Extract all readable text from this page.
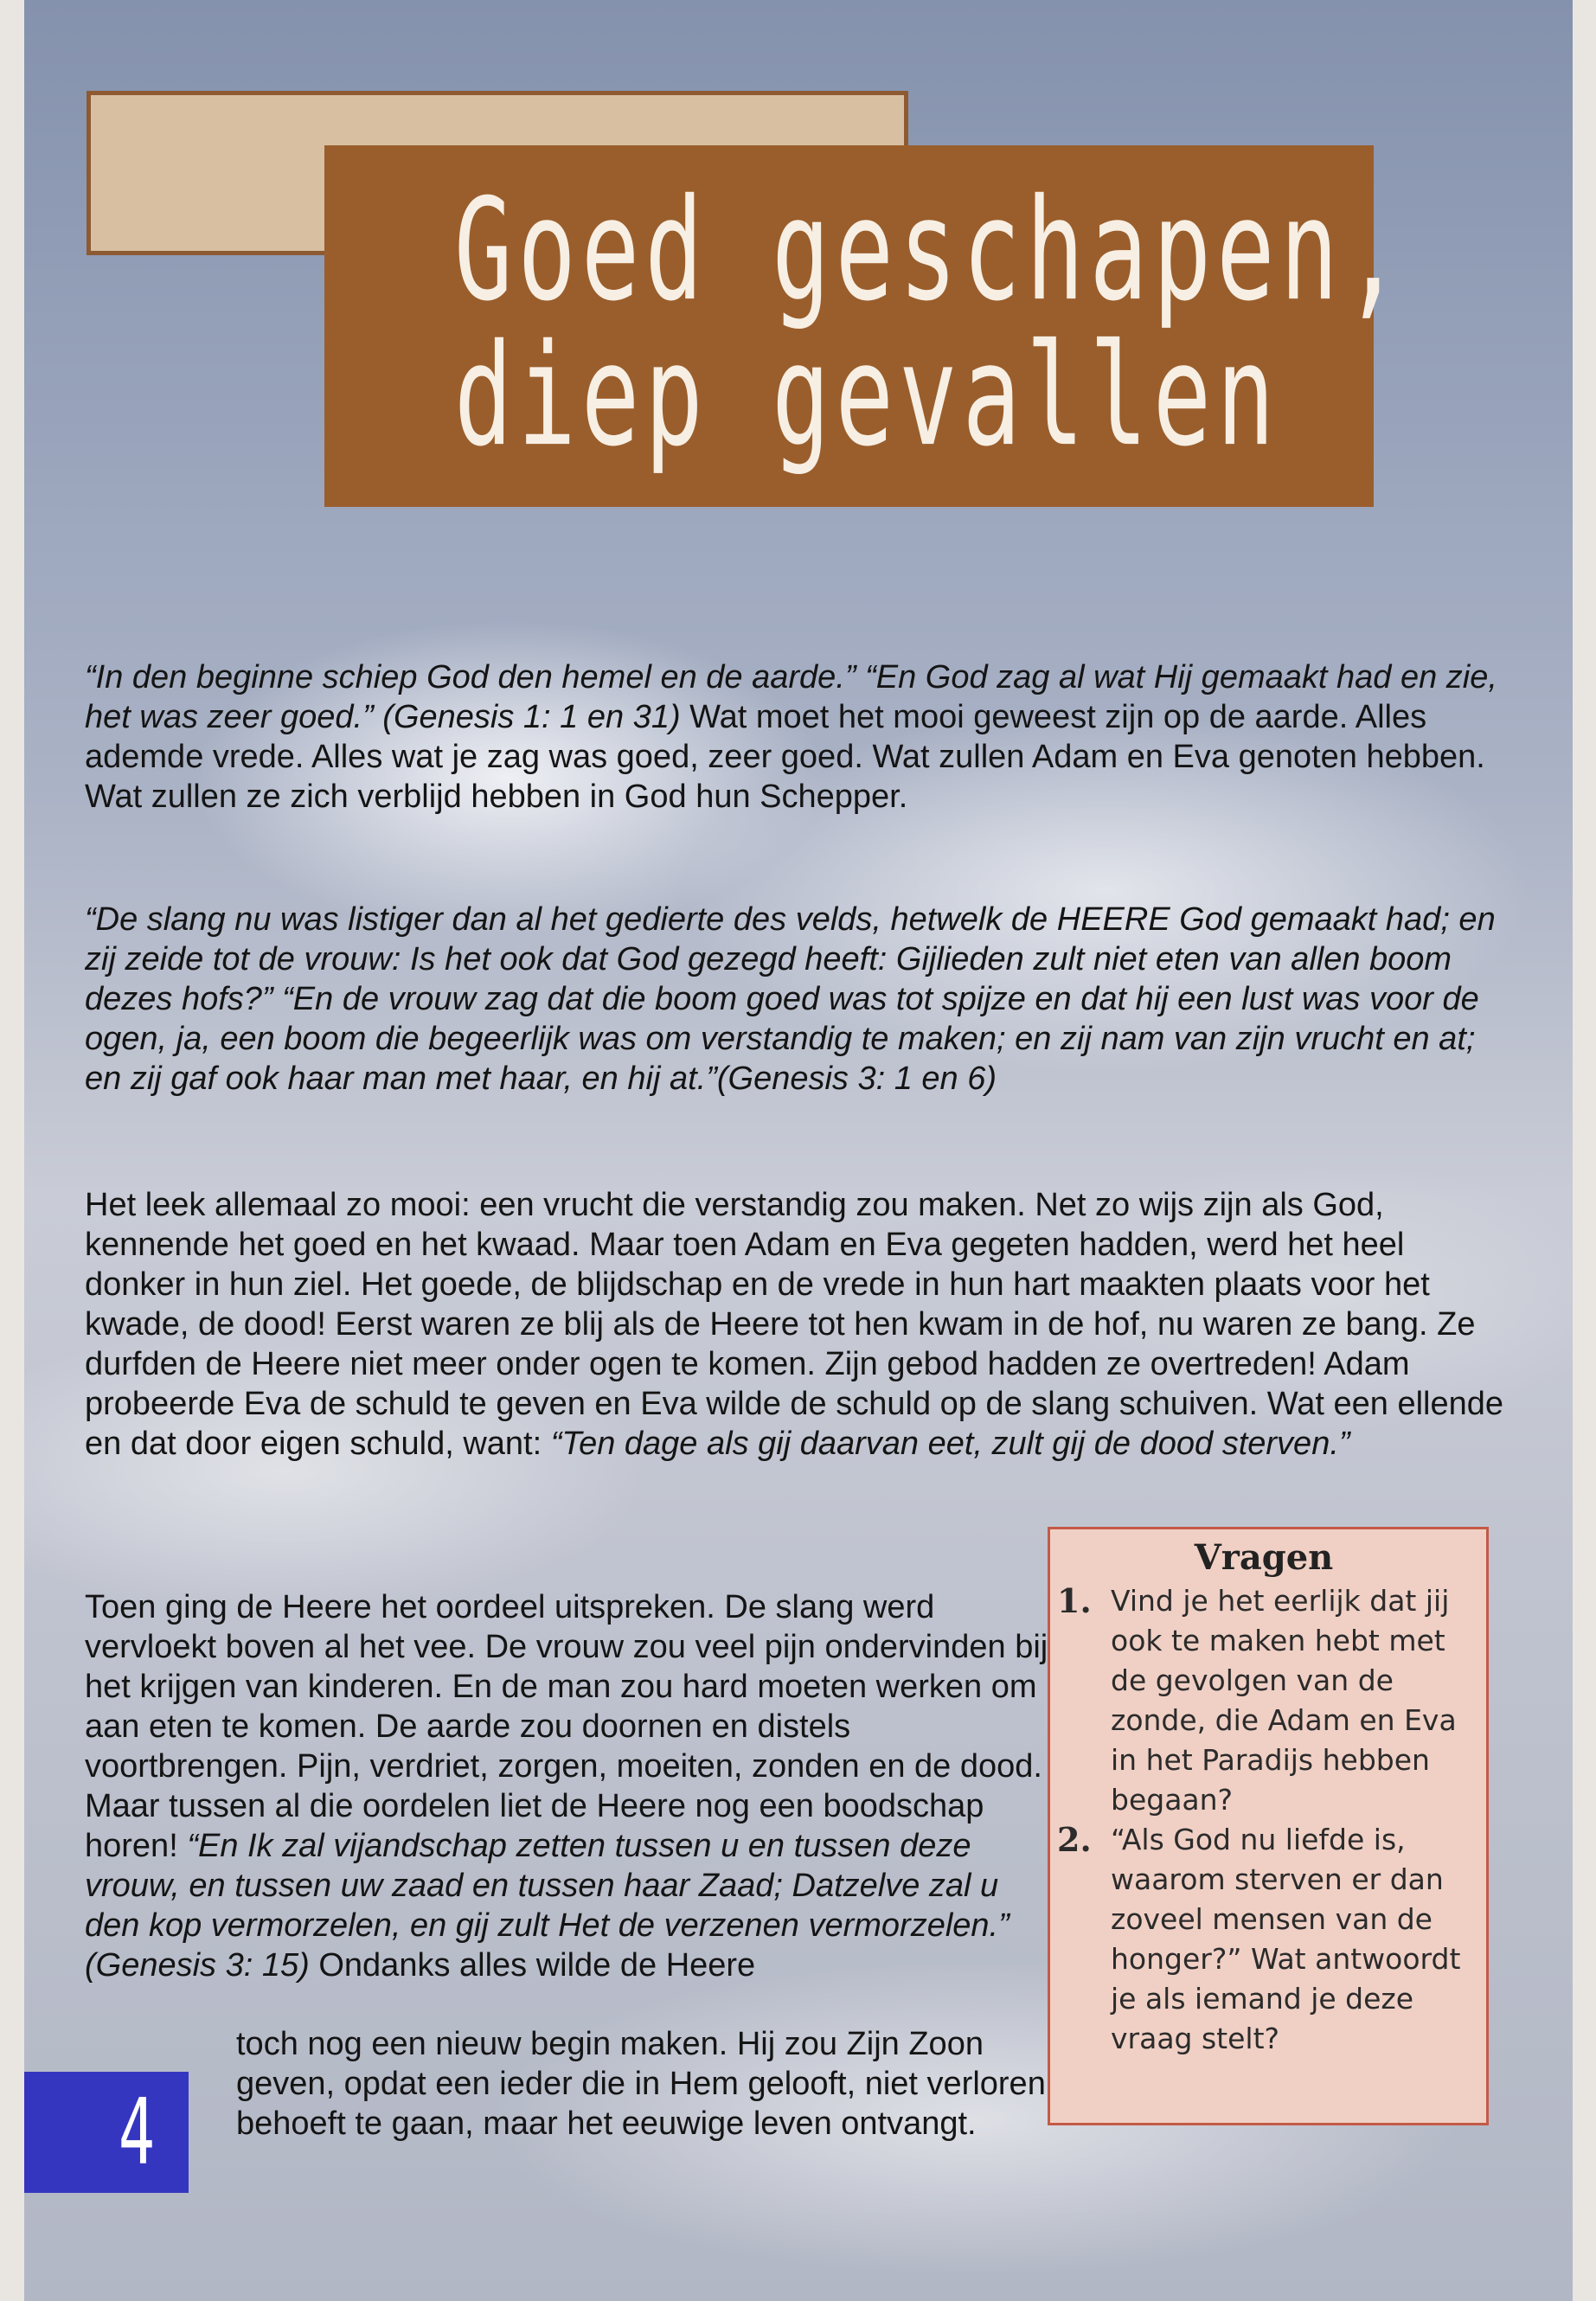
Goed geschapen,
diep gevallen

“In den beginne schiep God den hemel en de aarde.” “En God zag al wat Hij gemaakt had en zie, het was zeer goed.” (Genesis 1: 1 en 31) Wat moet het mooi geweest zijn op de aarde. Alles ademde vrede. Alles wat je zag was goed, zeer goed. Wat zullen Adam en Eva genoten hebben. Wat zullen ze zich verblijd hebben in God hun Schepper.

“De slang nu was listiger dan al het gedierte des velds, hetwelk de HEERE God gemaakt had; en zij zeide tot de vrouw: Is het ook dat God gezegd heeft: Gijlieden zult niet eten van allen boom dezes hofs?” “En de vrouw zag dat die boom goed was tot spijze en dat hij een lust was voor de ogen, ja, een boom die begeerlijk was om verstandig te maken; en zij nam van zijn vrucht en at; en zij gaf ook haar man met haar, en hij at.”(Genesis 3: 1 en 6)

Het leek allemaal zo mooi: een vrucht die verstandig zou maken. Net zo wijs zijn als God, kennende het goed en het kwaad. Maar toen Adam en Eva gegeten hadden, werd het heel donker in hun ziel. Het goede, de blijdschap en de vrede in hun hart maakten plaats voor het kwade, de dood! Eerst waren ze blij als de Heere tot hen kwam in de hof, nu waren ze bang. Ze durfden de Heere niet meer onder ogen te komen. Zijn gebod hadden ze overtreden! Adam probeerde Eva de schuld te geven en Eva wilde de schuld op de slang schuiven. Wat een ellende en dat door eigen schuld, want: “Ten dage als gij daarvan eet, zult gij de dood sterven.”

Toen ging de Heere het oordeel uitspreken. De slang werd vervloekt boven al het vee. De vrouw zou veel pijn ondervinden bij het krijgen van kinderen. En de man zou hard moeten werken om aan eten te komen. De aarde zou doornen en distels voortbrengen. Pijn, verdriet, zorgen, moeiten, zonden en de dood. Maar tussen al die oordelen liet de Heere nog een boodschap horen! “En Ik zal vijandschap zetten tussen u en tussen deze vrouw, en tussen uw zaad en tussen haar Zaad; Datzelve zal u den kop vermorzelen, en gij zult Het de verzenen vermorzelen.” (Genesis 3: 15) Ondanks alles wilde de Heere

toch nog een nieuw begin maken. Hij zou Zijn Zoon geven, opdat een ieder die in Hem gelooft, niet verloren behoeft te gaan, maar het eeuwige leven ontvangt.

Vragen
1. Vind je het eerlijk dat jij ook te maken hebt met de gevolgen van de zonde, die Adam en Eva in het Paradijs hebben begaan?
2. “Als God nu liefde is, waarom sterven er dan zoveel mensen van de honger?” Wat antwoordt je als iemand je deze vraag stelt?
4
